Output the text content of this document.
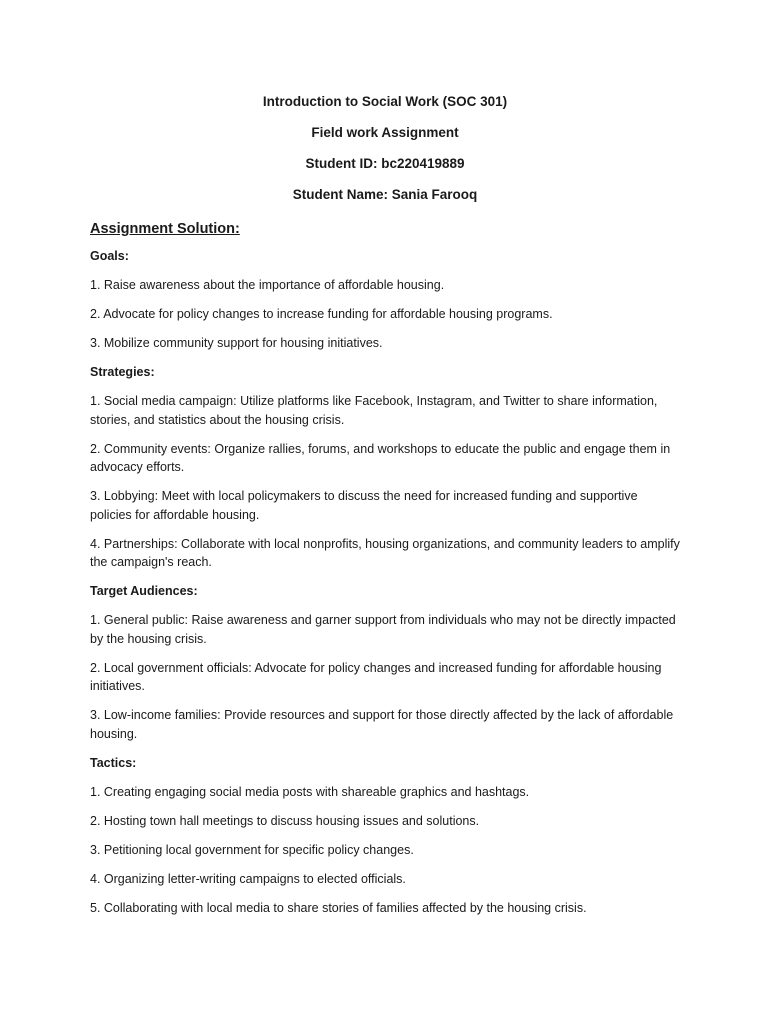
Introduction to Social Work (SOC 301)

Field work Assignment

Student ID: bc220419889

Student Name: Sania Farooq

Assignment Solution:

Goals:

1. Raise awareness about the importance of affordable housing.

2. Advocate for policy changes to increase funding for affordable housing programs.

3. Mobilize community support for housing initiatives.

Strategies:

1. Social media campaign: Utilize platforms like Facebook, Instagram, and Twitter to share information, stories, and statistics about the housing crisis.

2. Community events: Organize rallies, forums, and workshops to educate the public and engage them in advocacy efforts.

3. Lobbying: Meet with local policymakers to discuss the need for increased funding and supportive policies for affordable housing.

4. Partnerships: Collaborate with local nonprofits, housing organizations, and community leaders to amplify the campaign's reach.

Target Audiences:

1. General public: Raise awareness and garner support from individuals who may not be directly impacted by the housing crisis.

2. Local government officials: Advocate for policy changes and increased funding for affordable housing initiatives.

3. Low-income families: Provide resources and support for those directly affected by the lack of affordable housing.

Tactics:

1. Creating engaging social media posts with shareable graphics and hashtags.

2. Hosting town hall meetings to discuss housing issues and solutions.

3. Petitioning local government for specific policy changes.

4. Organizing letter-writing campaigns to elected officials.

5. Collaborating with local media to share stories of families affected by the housing crisis.
